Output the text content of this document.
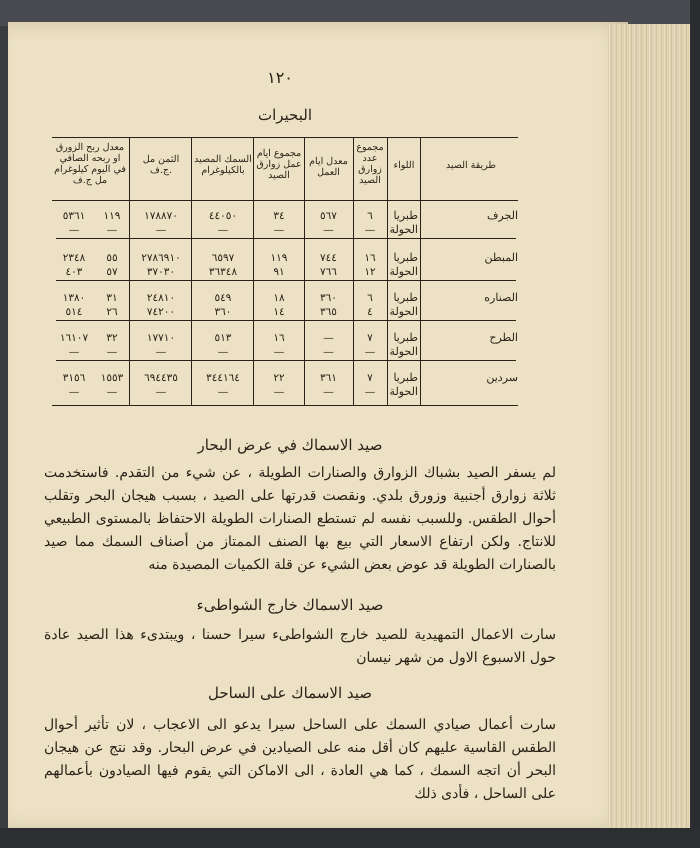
١٢٠
البحيرات
معدل ربح الزورق او ربحه الصافي في اليوم كيلوغرام مل ج.ف
الثمن مل ج.ف.
السمك المصيد بالكيلوغرام
مجموع ايام عمل زوارق الصيد
معدل ايام العمل
مجموع عدد زوارق الصيد
اللواء	طريقة الصيد
الجرف
طبريا
الحولة
٦
—
٥٦٧
—
٣٤
—
٤٤٠٥٠
—
١٧٨٨٧٠
—
١١٩
—
٥٣٦١
—
المبطن
طبريا
الحولة
١٦
١٢
٧٤٤
٧٦٦
١١٩
٩١
٦٥٩٧
٣٦٣٤٨
٢٧٨٦٩١٠
٣٧٠٣٠
٥٥
٥٧
٢٣٤٨
٤٠٣
الصناره
طبريا
الحولة
٦
٤
٣٦٠
٣٦٥
١٨
١٤
٥٤٩
٣٦٠
٢٤٨١٠
٧٤٢٠٠
٣١
٢٦
١٣٨٠
٥١٤
الطرح
طبريا
الحولة
٧
—
—
—
١٦
—
٥١٣
—
١٧٧١٠
—
٣٢
—
١٦١٠٧
—
سردين
طبريا
الحولة
٧
—
٣٦١
—
٢٢
—
٣٤٤١٦٤
—
٦٩٤٤٣٥
—
١٥٥٣
—
٣١٥٦
—
صيد الاسماك في عرض البحار
لم يسفر الصيد بشباك الزوارق والصنارات الطويلة ، عن شيء من التقدم. فاستخدمت ثلاثة زوارق أجنبية وزورق بلدي. ونقصت قدرتها على الصيد ، بسبب هيجان البحر وتقلب أحوال الطقس. وللسبب نفسه لم تستطع الصنارات الطويلة الاحتفاظ بالمستوى الطبيعي للانتاج. ولكن ارتفاع الاسعار التي بيع بها الصنف الممتاز من أصناف السمك مما صيد بالصنارات الطويلة قد عوض بعض الشيء عن قلة الكميات المصيدة منه
صيد الاسماك خارج الشواطىء
سارت الاعمال التمهيدية للصيد خارج الشواطىء سيرا حسنا ، ويبتدىء هذا الصيد عادة حول الاسبوع الاول من شهر نيسان
صيد الاسماك على الساحل
سارت أعمال صيادي السمك على الساحل سيرا يدعو الى الاعجاب ، لان تأثير أحوال الطقس القاسية عليهم كان أقل منه على الصيادين في عرض البحار. وقد نتج عن هيجان البحر أن اتجه السمك ، كما هي العادة ، الى الاماكن التي يقوم فيها الصيادون بأعمالهم على الساحل ، فأدى ذلك
